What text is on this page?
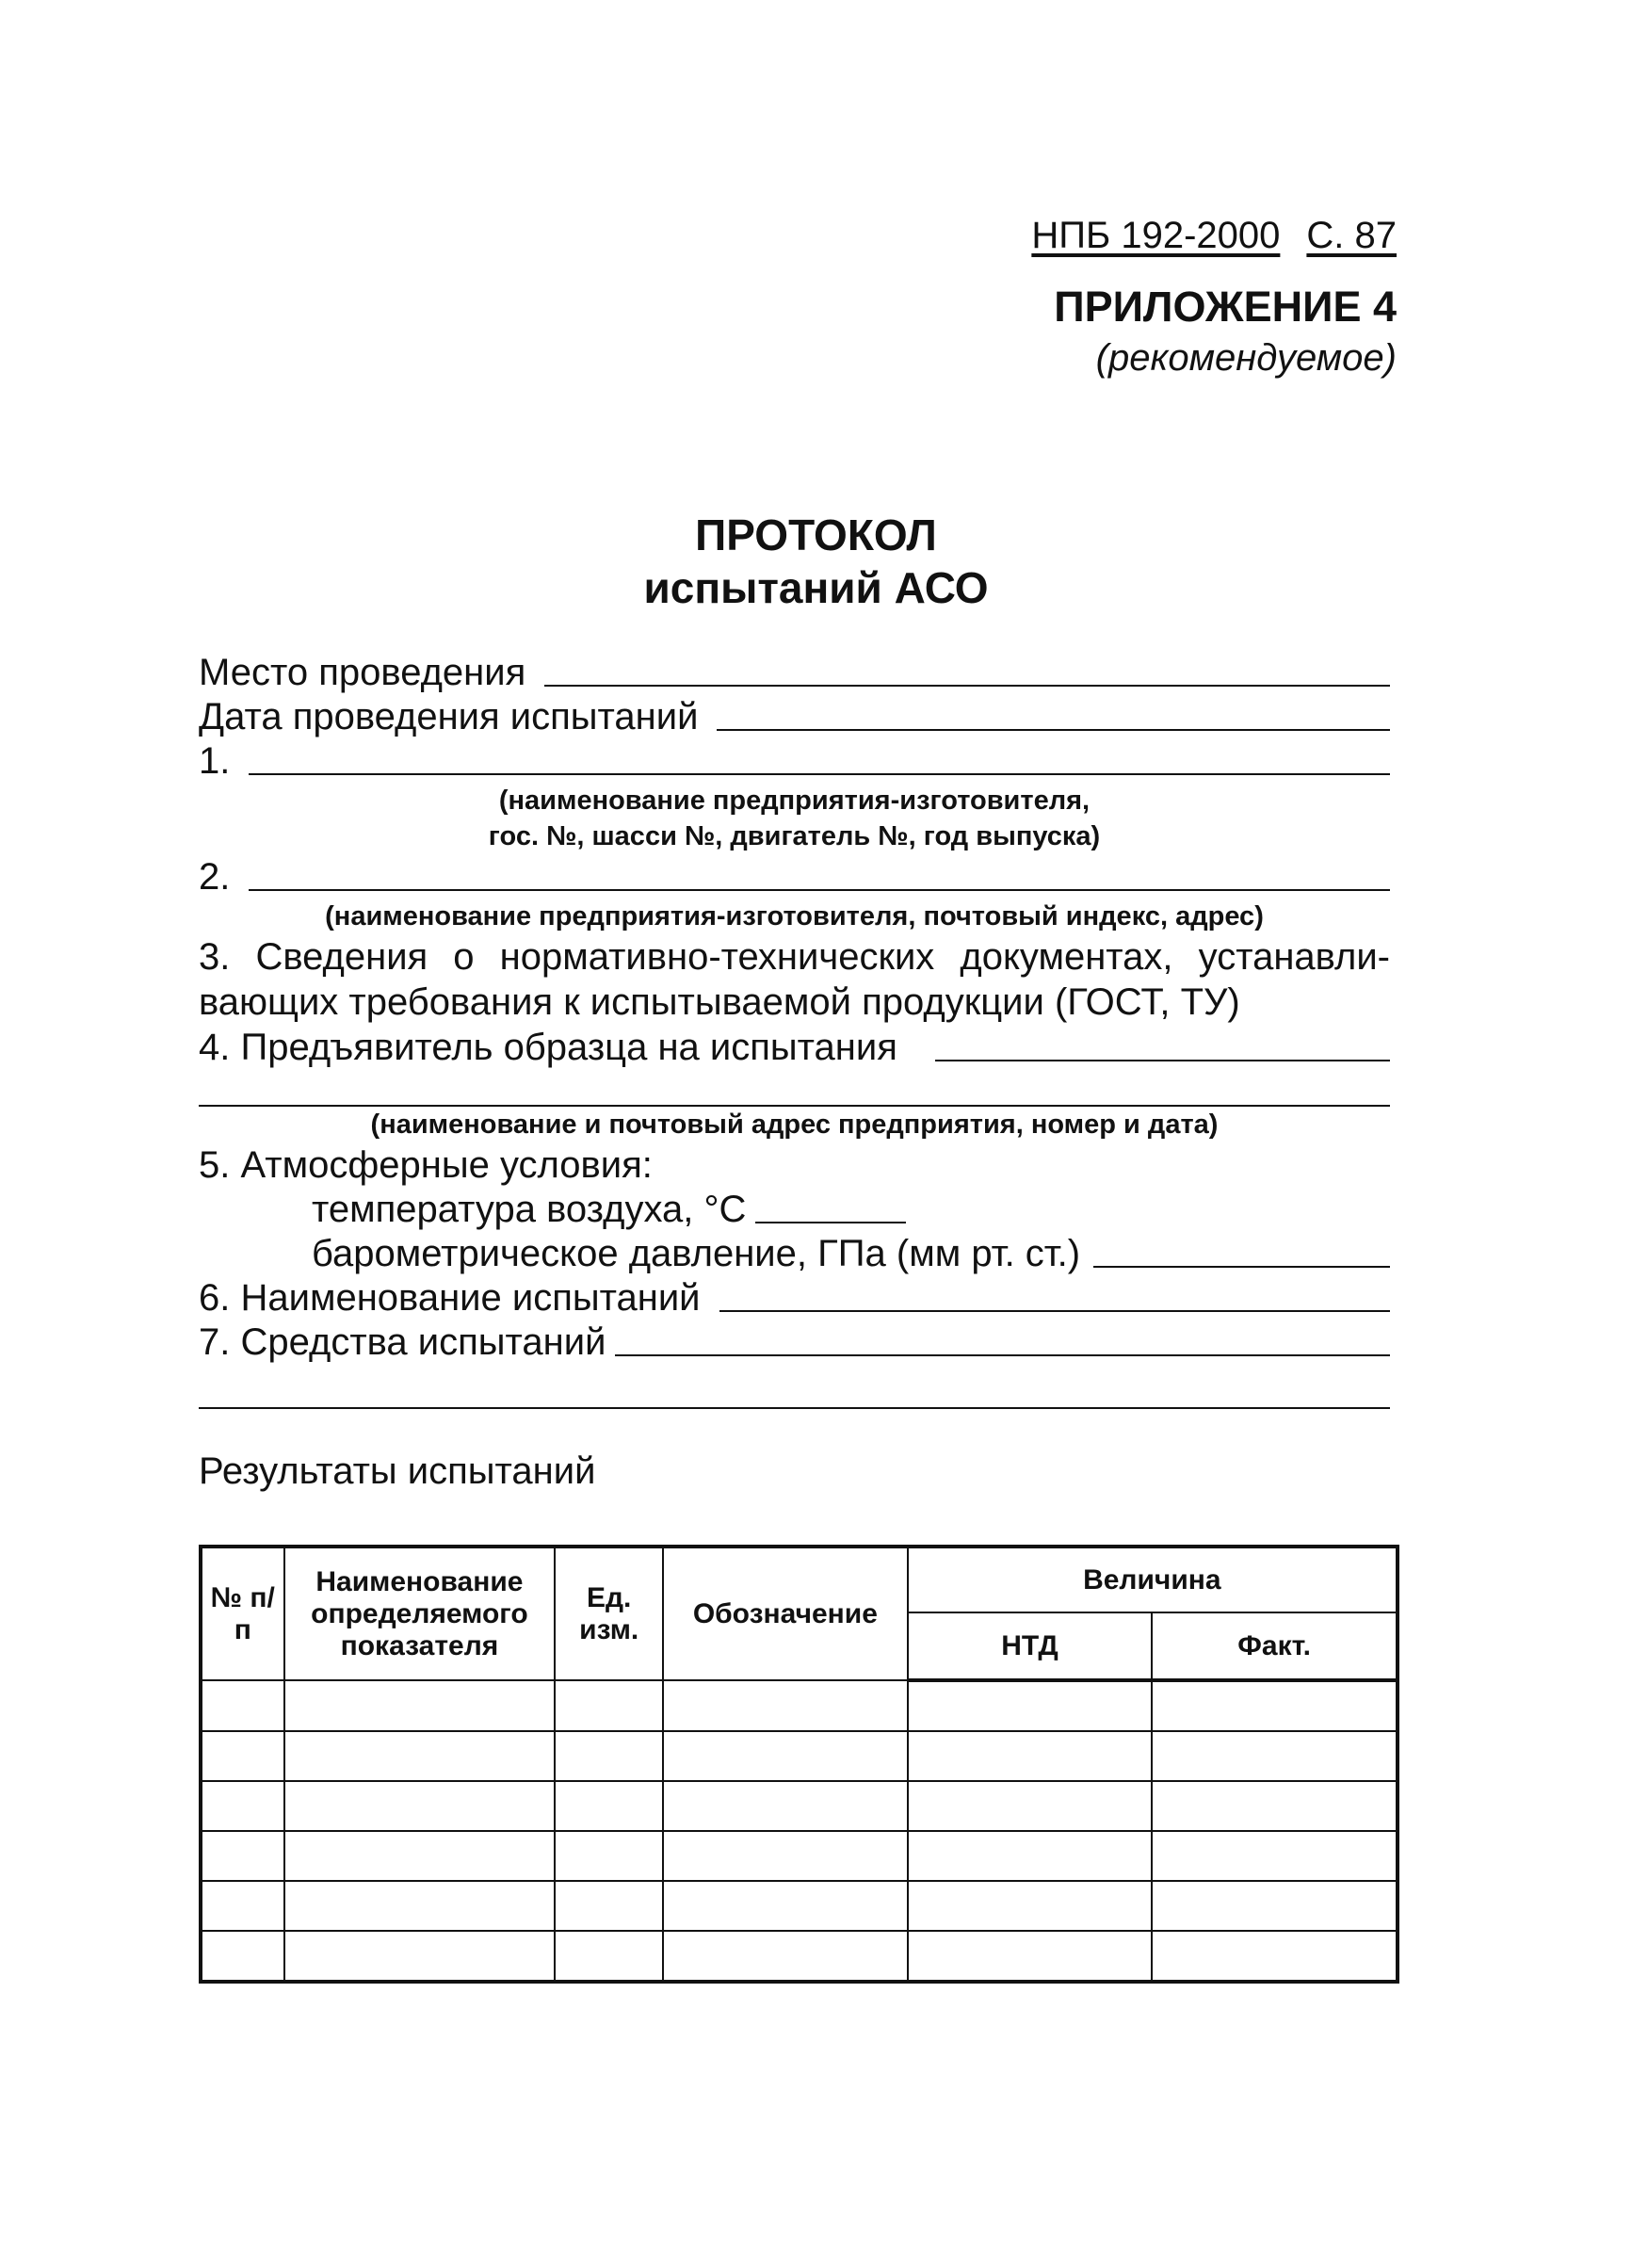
НПБ 192-2000 С. 87
ПРИЛОЖЕНИЕ 4
(рекомендуемое)
ПРОТОКОЛ
испытаний АСО
Место проведения
Дата проведения испытаний
1.
(наименование предприятия-изготовителя,
гос. №, шасси №, двигатель №, год выпуска)
2.
(наименование предприятия-изготовителя, почтовый индекс, адрес)
3. Сведения о нормативно-технических документах, устанавли-вающих требования к испытываемой продукции (ГОСТ, ТУ)
4. Предъявитель образца на испытания
(наименование и почтовый адрес предприятия, номер и дата)
5. Атмосферные условия:
температура воздуха, °С
барометрическое давление, ГПа (мм рт. ст.)
6. Наименование испытаний
7. Средства испытаний
Результаты испытаний
№ п/п	Наименование определяемого показателя	Ед. изм.	Обозначение	Величина	
				НТД	Факт.
